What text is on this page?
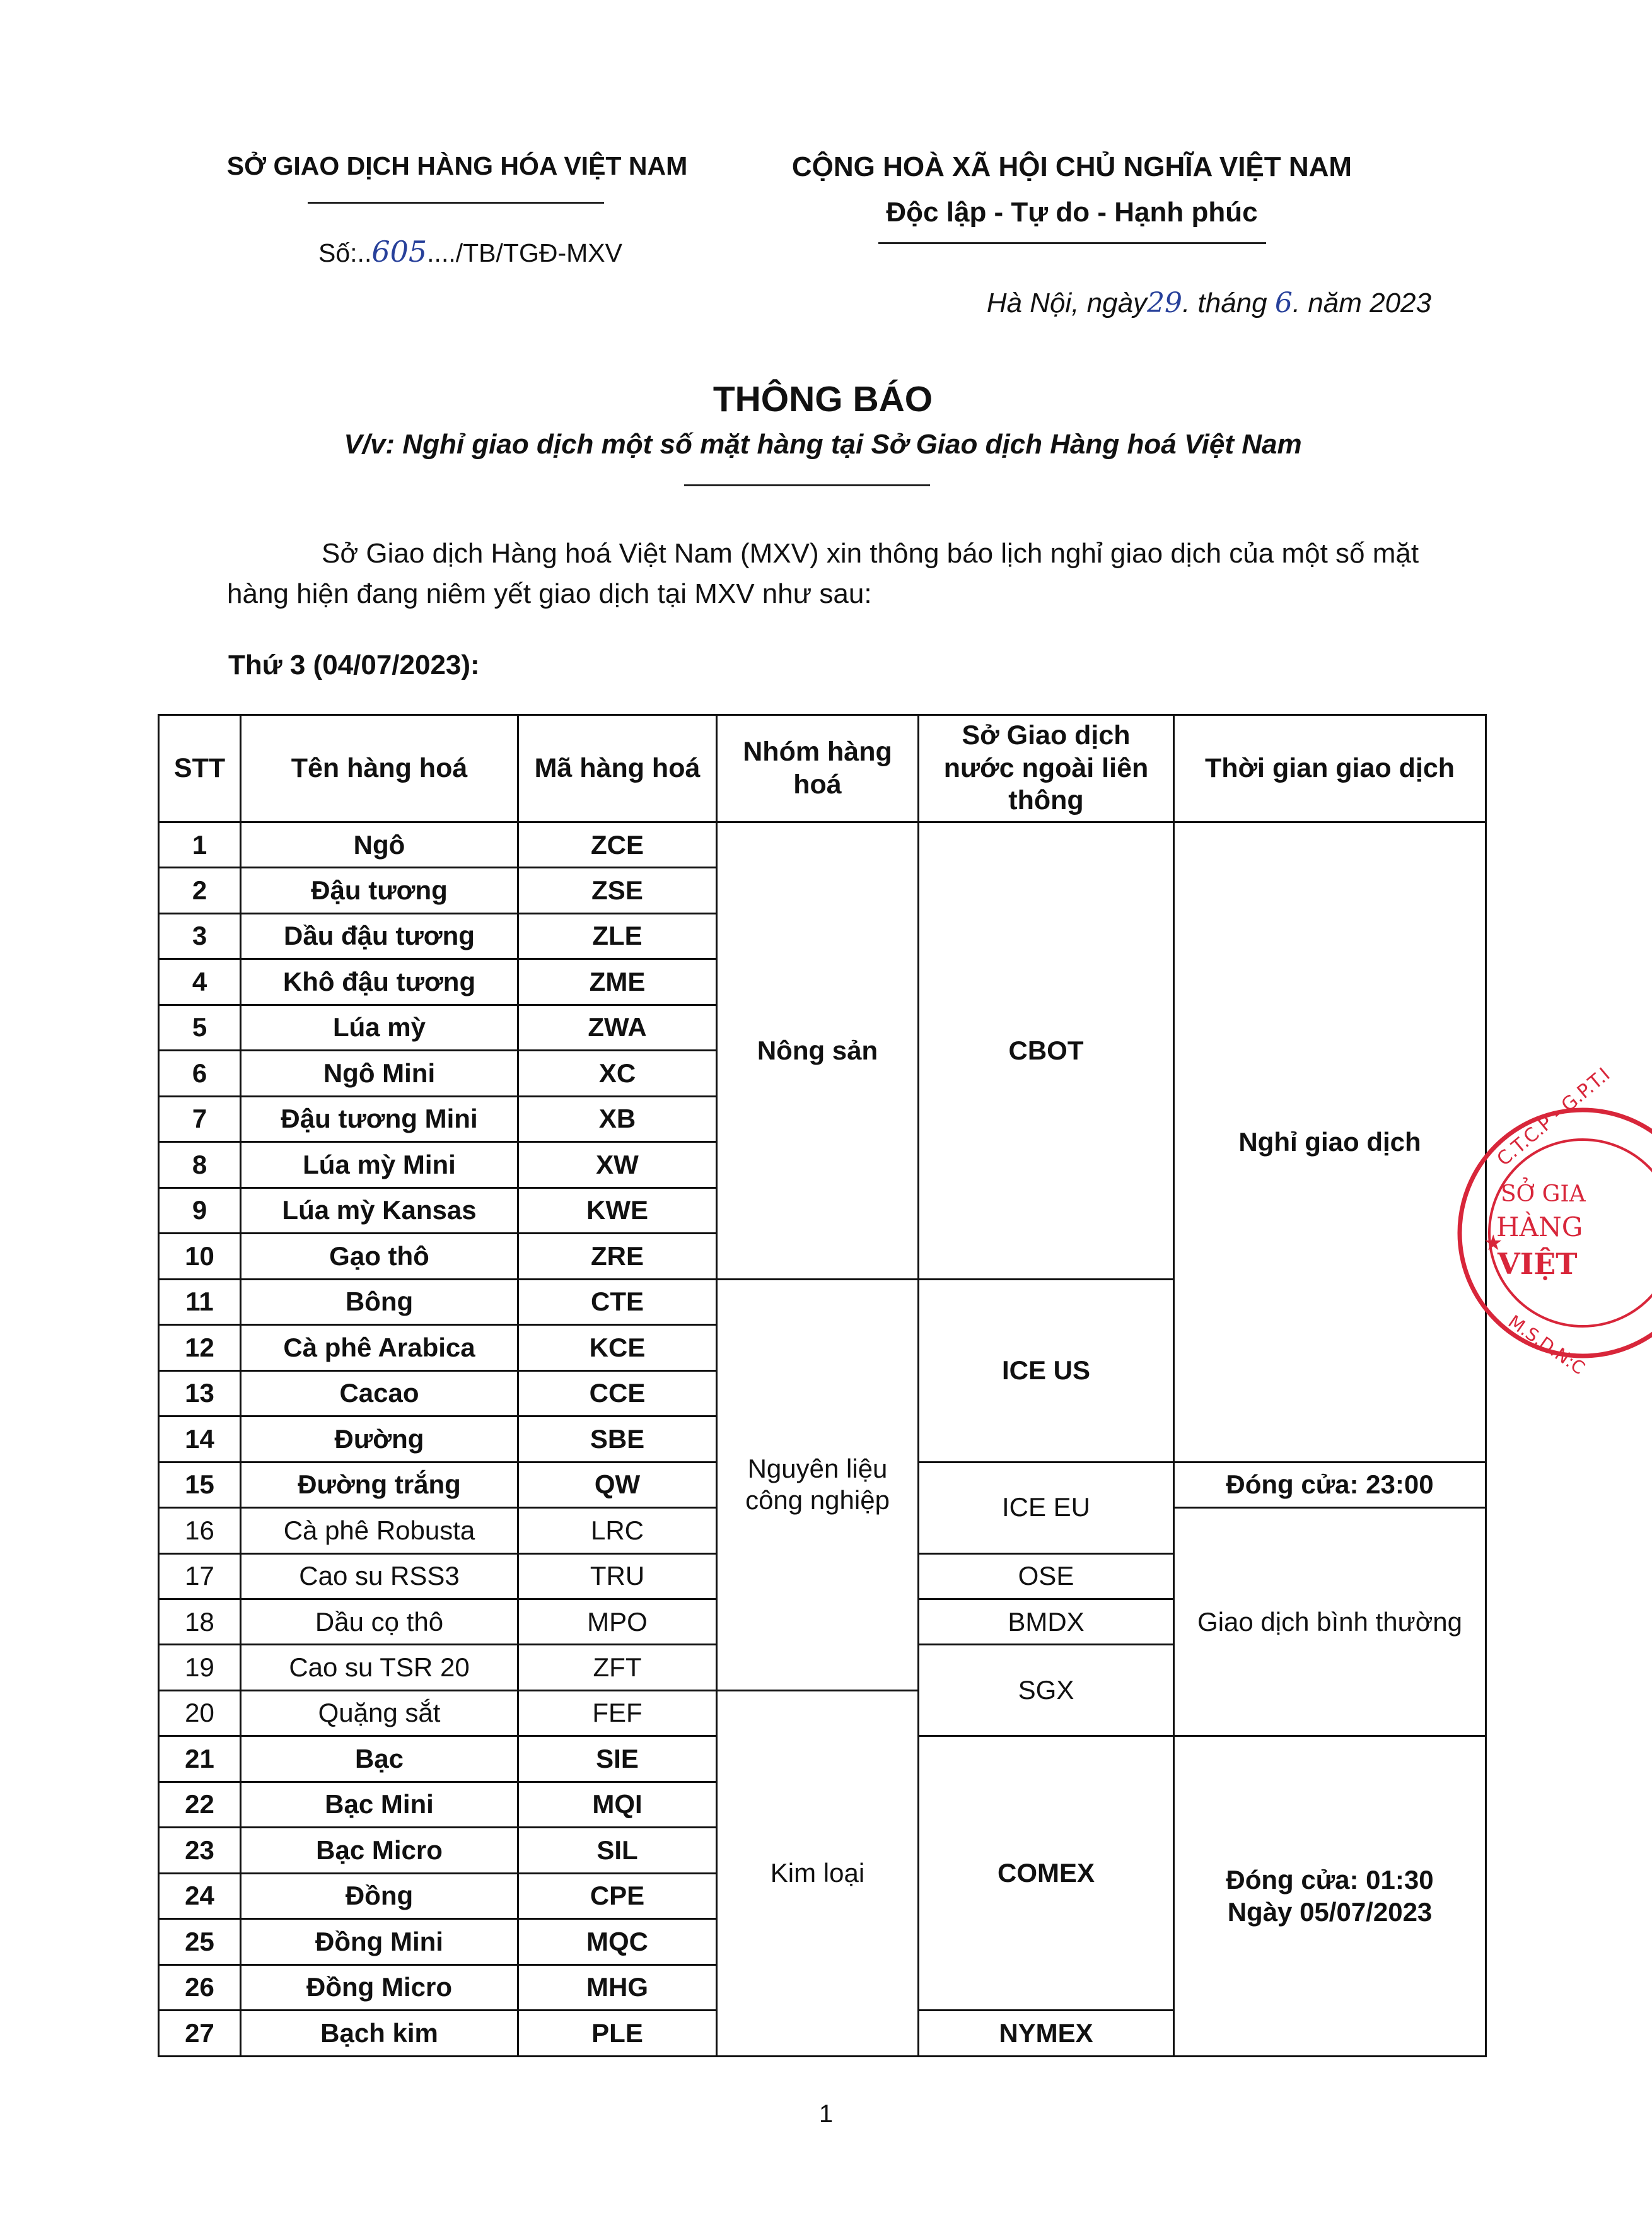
SỞ GIAO DỊCH HÀNG HÓA VIỆT NAM
Số:..605..../TB/TGĐ-MXV
CỘNG HOÀ XÃ HỘI CHỦ NGHĨA VIỆT NAM
Độc lập - Tự do - Hạnh phúc
Hà Nội, ngày29. tháng 6. năm 2023
THÔNG BÁO
V/v: Nghỉ giao dịch một số mặt hàng tại Sở Giao dịch Hàng hoá Việt Nam
Sở Giao dịch Hàng hoá Việt Nam (MXV) xin thông báo lịch nghỉ giao dịch của một số mặt hàng hiện đang niêm yết giao dịch tại MXV như sau:
Thứ 3 (04/07/2023):
STT	Tên hàng hoá	Mã hàng hoá	Nhóm hàng hoá	Sở Giao dịch nước ngoài liên thông	Thời gian giao dịch
1	Ngô	ZCE	Nông sản	CBOT	Nghỉ giao dịch
2	Đậu tương	ZSE			
3	Dầu đậu tương	ZLE			
4	Khô đậu tương	ZME			
5	Lúa mỳ	ZWA			
6	Ngô Mini	XC			
7	Đậu tương Mini	XB			
8	Lúa mỳ Mini	XW			
9	Lúa mỳ Kansas	KWE			
10	Gạo thô	ZRE			
11	Bông	CTE	Nguyên liệu công nghiệp	ICE US	
12	Cà phê Arabica	KCE			
13	Cacao	CCE			
14	Đường	SBE			
15	Đường trắng	QW		ICE EU	Đóng cửa: 23:00
16	Cà phê Robusta	LRC			Giao dịch bình thường
17	Cao su RSS3	TRU		OSE	
18	Dầu cọ thô	MPO		BMDX	
19	Cao su TSR 20	ZFT		SGX	
20	Quặng sắt	FEF	Kim loại		
21	Bạc	SIE		COMEX	Đóng cửa: 01:30
Ngày 05/07/2023

22	Bạc Mini	MQI			
23	Bạc Micro	SIL			
24	Đồng	CPE			
25	Đồng Mini	MQC			
26	Đồng Micro	MHG			
27	Bạch kim	PLE		NYMEX	
C.T.C.P - G.P.T.I
SỞ GIA
HÀNG
VIỆT
★
M.S.D.N:C
1
